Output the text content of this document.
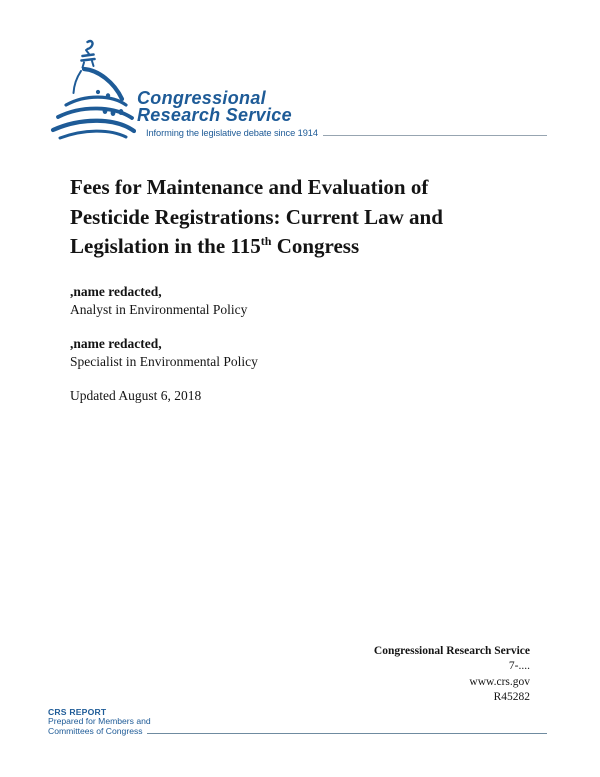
Congressional
Research Service
Informing the legislative debate since 1914
Fees for Maintenance and Evaluation of
Pesticide Registrations: Current Law and
Legislation in the 115th Congress
,name redacted,
Analyst in Environmental Policy
,name redacted,
Specialist in Environmental Policy
Updated August 6, 2018
Congressional Research Service
7-....
www.crs.gov
R45282
CRS REPORT
Prepared for Members and
Committees of Congress
